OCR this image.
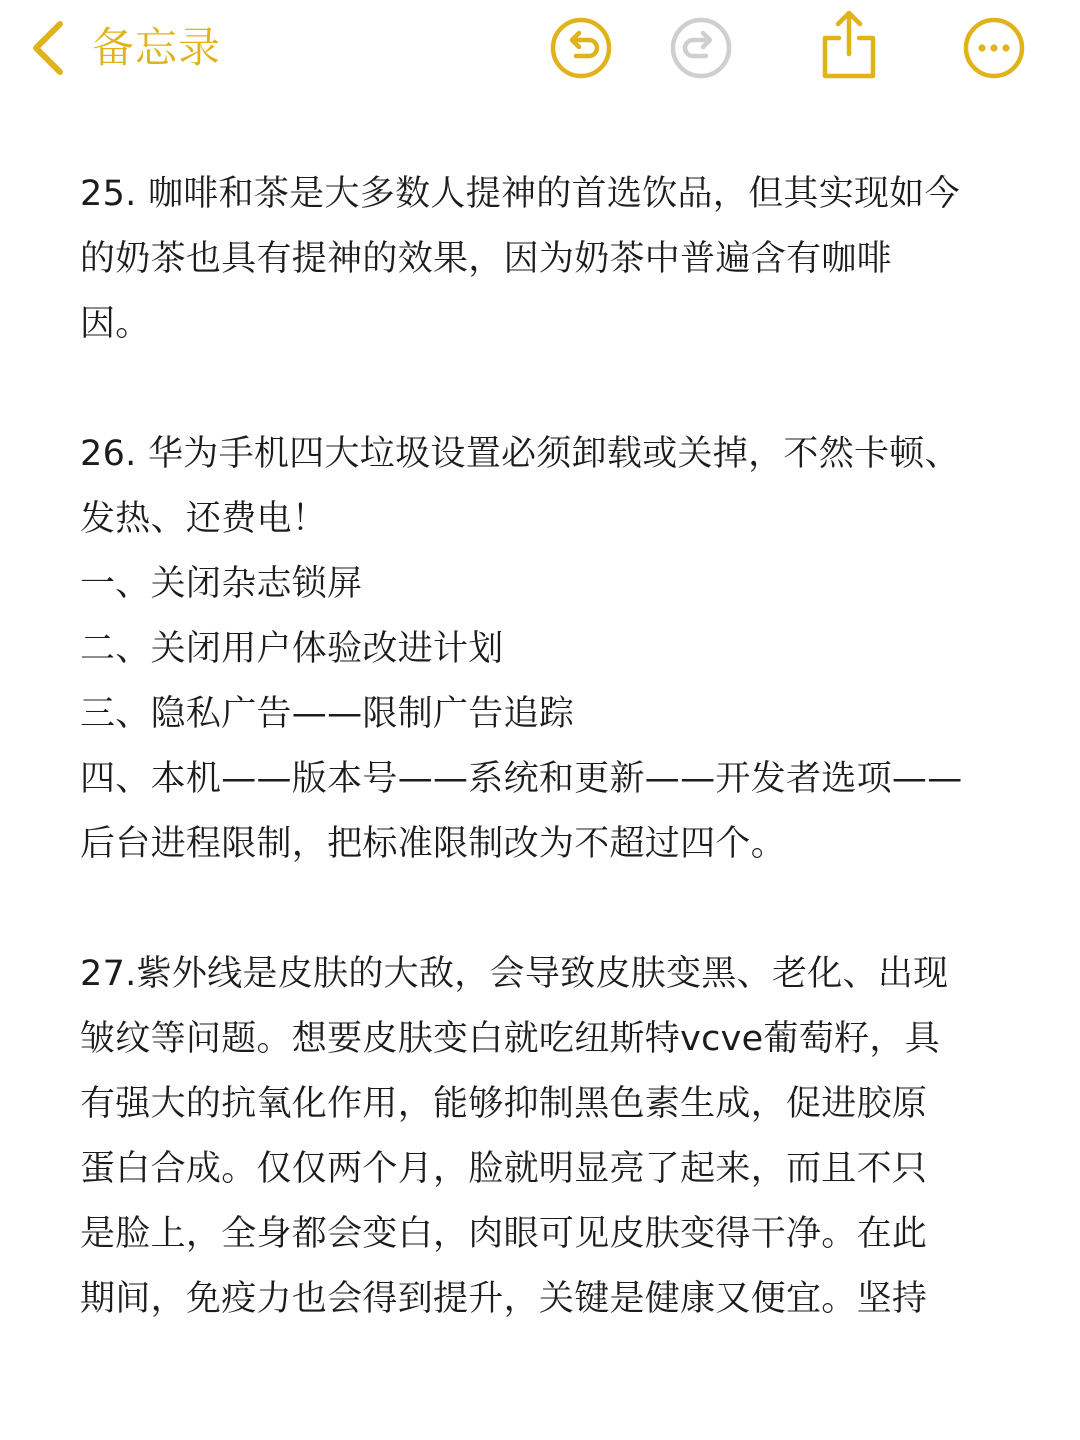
备忘录
25. 咖啡和茶是大多数人提神的首选饮品，但其实现如今
的奶茶也具有提神的效果，因为奶茶中普遍含有咖啡
因。
26. 华为手机四大垃圾设置必须卸载或关掉，不然卡顿、
发热、还费电！
一、关闭杂志锁屏
二、关闭用户体验改进计划
三、隐私广告——限制广告追踪
四、本机——版本号——系统和更新——开发者选项——
后台进程限制，把标准限制改为不超过四个。
27.紫外线是皮肤的大敌，会导致皮肤变黑、老化、出现
皱纹等问题。想要皮肤变白就吃纽斯特vcve葡萄籽，具
有强大的抗氧化作用，能够抑制黑色素生成，促进胶原
蛋白合成。仅仅两个月，脸就明显亮了起来，而且不只
是脸上，全身都会变白，肉眼可见皮肤变得干净。在此
期间，免疫力也会得到提升，关键是健康又便宜。坚持
